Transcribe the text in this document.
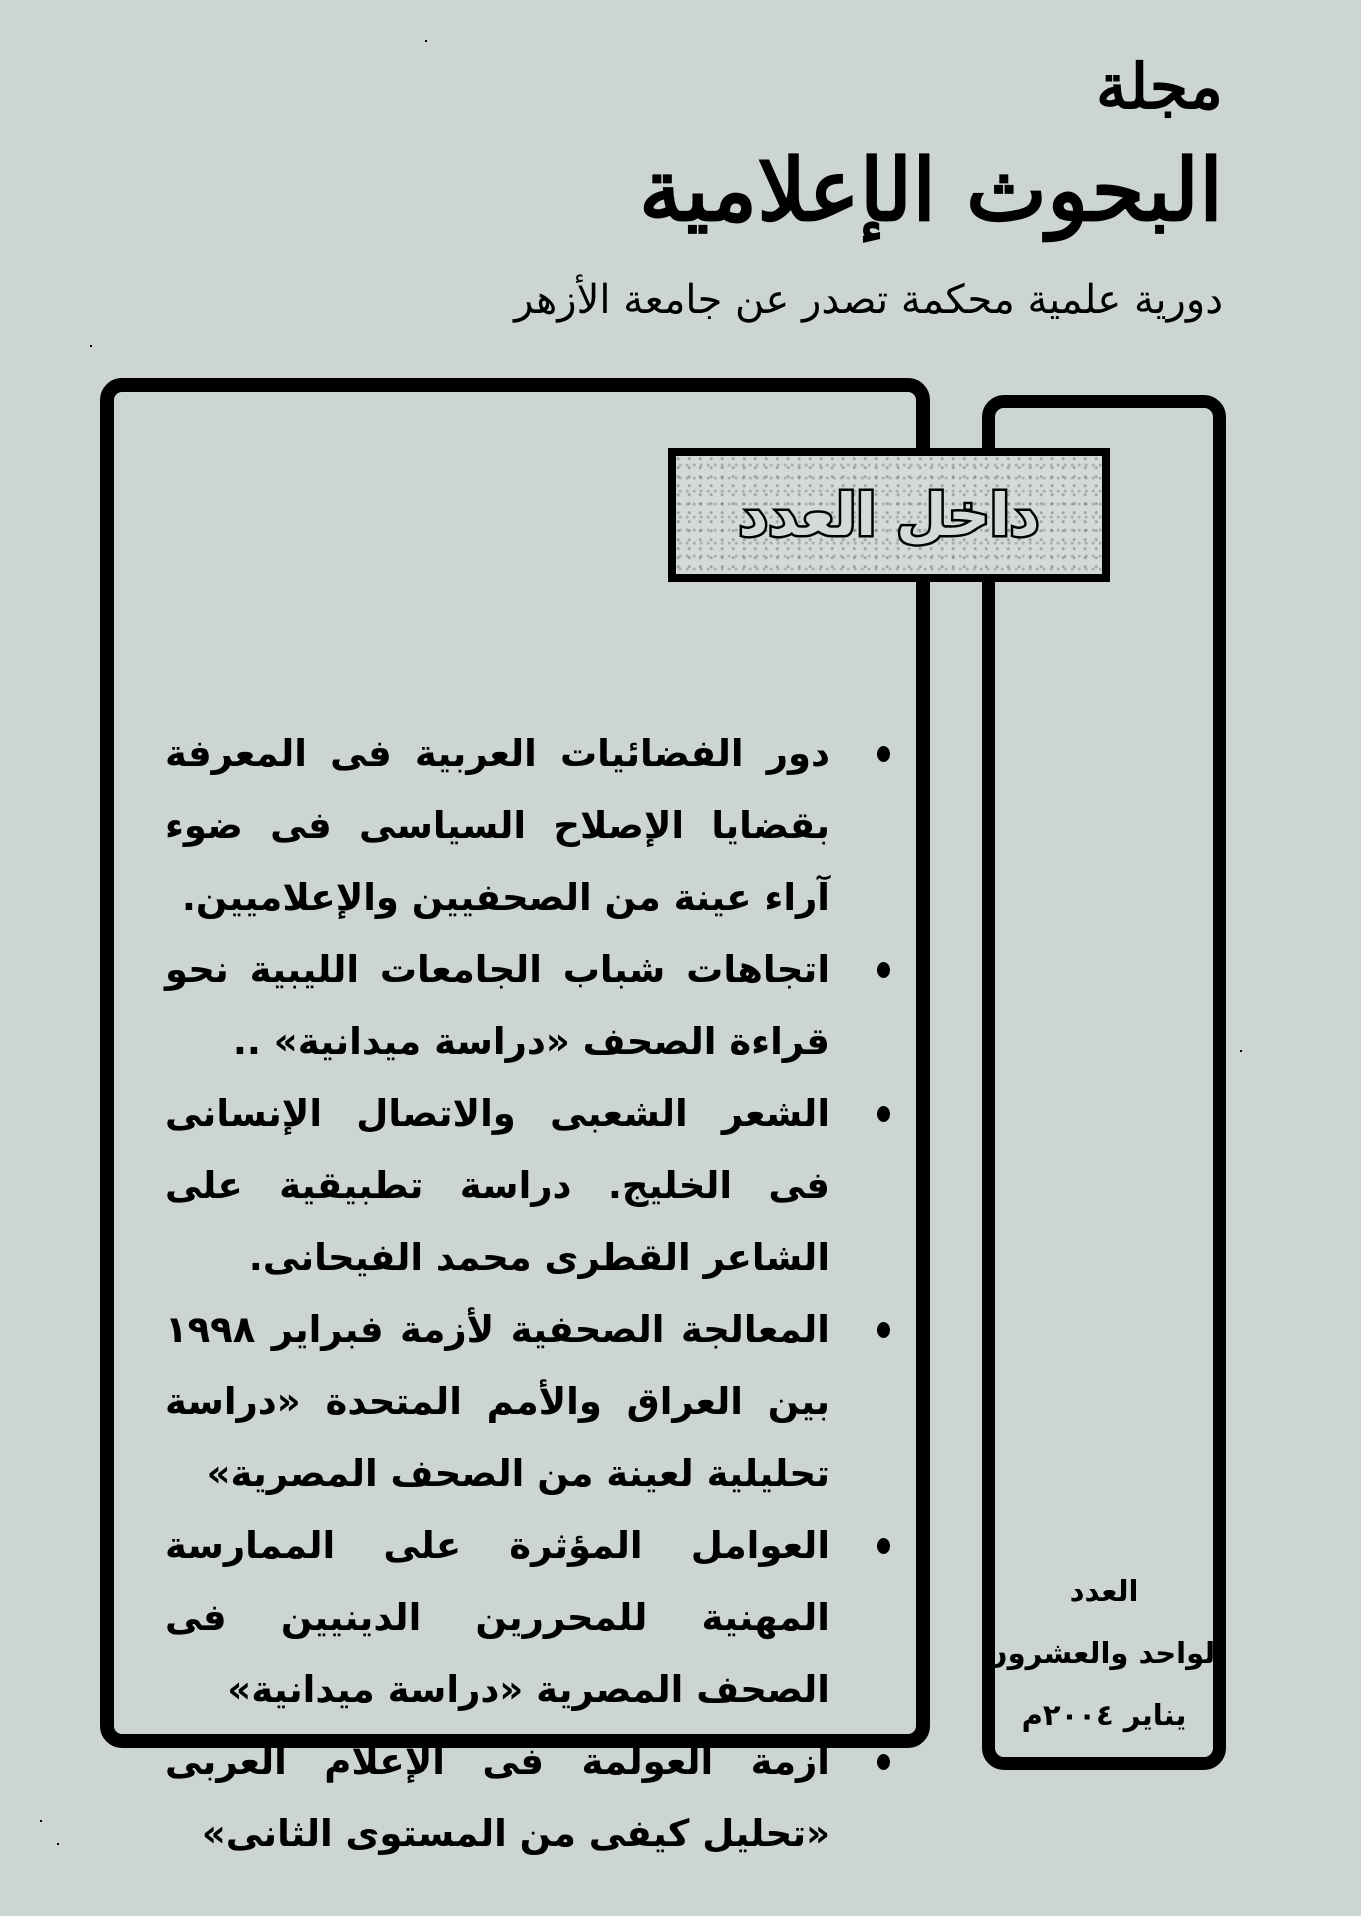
مجلة
البحوث الإعلامية
دورية علمية محكمة تصدر عن جامعة الأزهر
داخل العدد
دور الفضائيات العربية فى المعرفة بقضايا الإصلاح السياسى فى ضوء آراء عينة من الصحفيين والإعلاميين.
اتجاهات شباب الجامعات الليبية نحو قراءة الصحف «دراسة ميدانية» ..
الشعر الشعبى والاتصال الإنسانى فى الخليج. دراسة تطبيقية على الشاعر القطرى محمد الفيحانى.
المعالجة الصحفية لأزمة فبراير ١٩٩٨ بين العراق والأمم المتحدة «دراسة تحليلية لعينة من الصحف المصرية»
العوامل المؤثرة على الممارسة المهنية للمحررين الدينيين فى الصحف المصرية «دراسة ميدانية»
أزمة العولمة فى الإعلام العربى «تحليل كيفى من المستوى الثانى»
العدد
الواحد والعشرون
يناير ٢٠٠٤م
